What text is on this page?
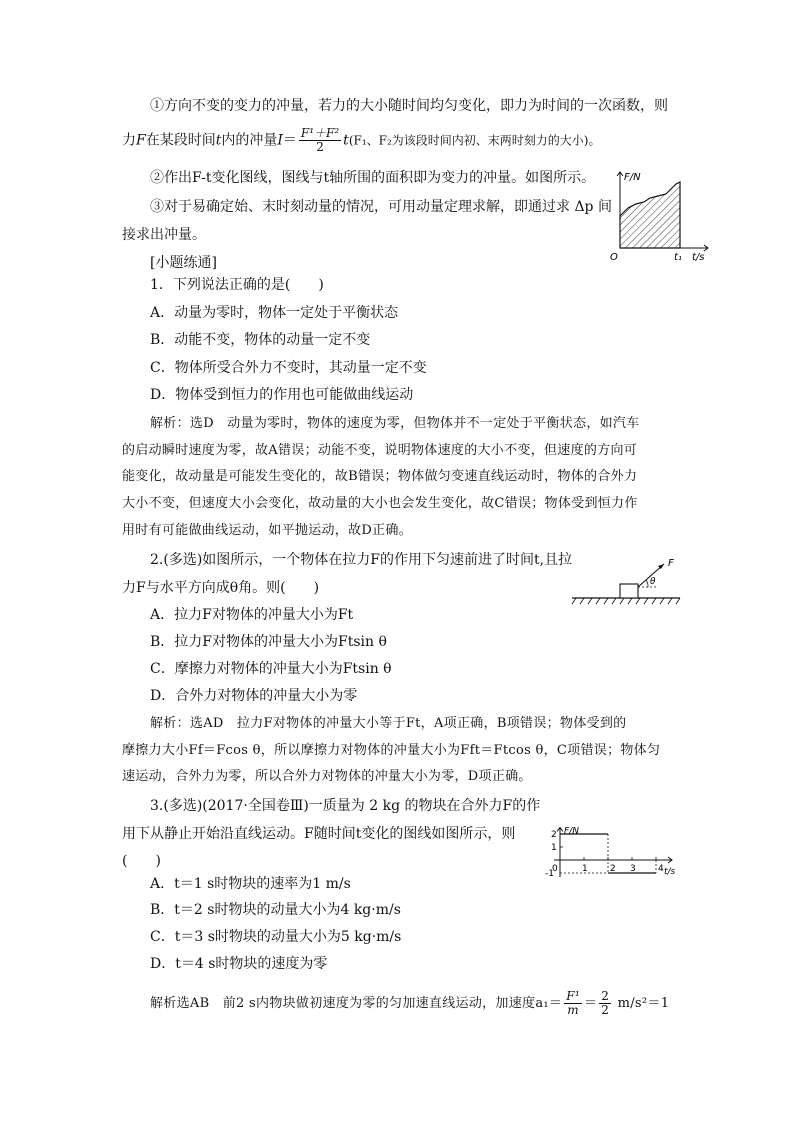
①方向不变的变力的冲量，若力的大小随时间均匀变化，即力为时间的一次函数，则
力F在某段时间t内的冲量$I= \frac{\text{F¹＋F²}}{2} t(F_1$、F₂为该段时间内初、末两时刻力的大小)。
②作出F-t变化图线，图线与t轴所围的面积即为变力的冲量。如图所示。
③对于易确定始、末时刻动量的情况，可用动量定理求解，即通过求 Δp 间
接求出冲量。
F/N
t/s
O	t₁
[小题练通]
1．下列说法正确的是(　　)
A．动量为零时，物体一定处于平衡状态
B．动能不变，物体的动量一定不变
C．物体所受合外力不变时，其动量一定不变
D．物体受到恒力的作用也可能做曲线运动
解析：选D　动量为零时，物体的速度为零，但物体并不一定处于平衡状态，如汽车
的启动瞬时速度为零，故A错误；动能不变，说明物体速度的大小不变，但速度的方向可
能变化，故动量是可能发生变化的，故B错误；物体做匀变速直线运动时，物体的合外力
大小不变，但速度大小会变化，故动量的大小也会发生变化，故C错误；物体受到恒力作
用时有可能做曲线运动，如平抛运动，故D正确。
F
θ
2.(多选)如图所示，一个物体在拉力F的作用下匀速前进了时间t,且拉
力F与水平方向成θ角。则(　　)
A．拉力F对物体的冲量大小为Ft
B．拉力F对物体的冲量大小为Ftsin θ
C．摩擦力对物体的冲量大小为Ftsin θ
D．合外力对物体的冲量大小为零
解析：选AD　拉力F对物体的冲量大小等于Ft，A项正确，B项错误；物体受到的
摩擦力大小Ff＝Fcos θ，所以摩擦力对物体的冲量大小为Fft＝Ftcos θ，C项错误；物体匀
速运动，合外力为零，所以合外力对物体的冲量大小为零，D项正确。
3.(多选)(2017·全国卷Ⅲ)一质量为 2 kg 的物块在合外力F的作
用下从静止开始沿直线运动。F随时间t变化的图线如图所示，则
(　　)
A．t＝1 s时物块的速率为1 m/s
B．t＝2 s时物块的动量大小为4 kg·m/s
C．t＝3 s时物块的动量大小为5 kg·m/s
D．t＝4 s时物块的速度为零
解析选AB　前2 s内物块做初速度为零的匀加速直线运动，加速度$a_1= \frac{\text{F¹}}{m} = \frac{2}{2} m/s^2=1$
F/N
t/s
2
1
-1
0	1 2 3 4
